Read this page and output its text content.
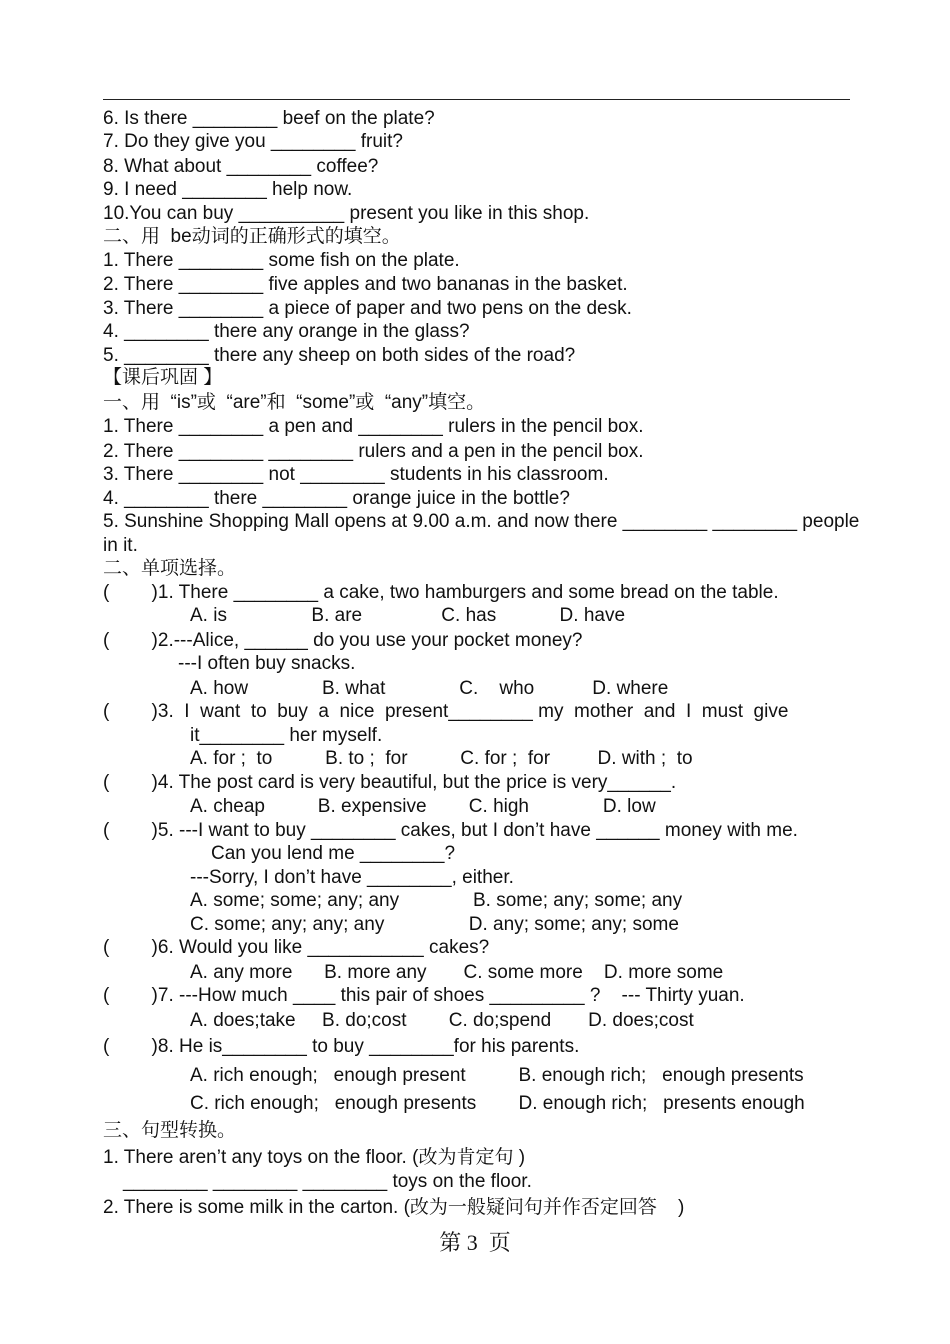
6. Is there ________ beef on the plate?
7. Do they give you ________ fruit?
8. What about ________ coffee?
9. I need ________ help now.
10.You can buy __________ present you like in this shop.
二、用  be动词的正确形式的填空。
1. There ________ some fish on the plate.
2. There ________ five apples and two bananas in the basket.
3. There ________ a piece of paper and two pens on the desk.
4. ________ there any orange in the glass?
5. ________ there any sheep on both sides of the road?
【课后巩固 】
一、用  “is”或  “are”和  “some”或  “any”填空。
1. There ________ a pen and ________ rulers in the pencil box.
2. There ________ ________ rulers and a pen in the pencil box.
3. There ________ not ________ students in his classroom.
4. ________ there ________ orange juice in the bottle?
5. Sunshine Shopping Mall opens at 9.00 a.m. and now there ________ ________ people
in it.
二、单项选择。
(        )1. There ________ a cake, two hamburgers and some bread on the table.
A. is                B. are               C. has            D. have
(        )2.---Alice, ______ do you use your pocket money?
---I often buy snacks.
A. how              B. what              C.    who           D. where
(        )3.  I  want  to  buy  a  nice  present________ my  mother  and  I  must  give
it________ her myself.
A. for ;  to          B. to ;  for          C. for ;  for         D. with ;  to
(        )4. The post card is very beautiful, but the price is very______.
A. cheap          B. expensive        C. high              D. low
(        )5. ---I want to buy ________ cakes, but I don’t have ______ money with me.
Can you lend me ________?
---Sorry, I don’t have ________, either.
A. some; some; any; any              B. some; any; some; any
C. some; any; any; any                D. any; some; any; some
(        )6. Would you like ___________ cakes?
A. any more      B. more any       C. some more    D. more some
(        )7. ---How much ____ this pair of shoes _________ ?    --- Thirty yuan.
A. does;take     B. do;cost        C. do;spend       D. does;cost
(        )8. He is________ to buy ________for his parents.
A. rich enough;   enough present          B. enough rich;   enough presents
C. rich enough;   enough presents        D. enough rich;   presents enough
三、句型转换。
1. There aren’t any toys on the floor. (改为肯定句 )
________ ________ ________ toys on the floor.
2. There is some milk in the carton. (改为一般疑问句并作否定回答    )
第 3  页
